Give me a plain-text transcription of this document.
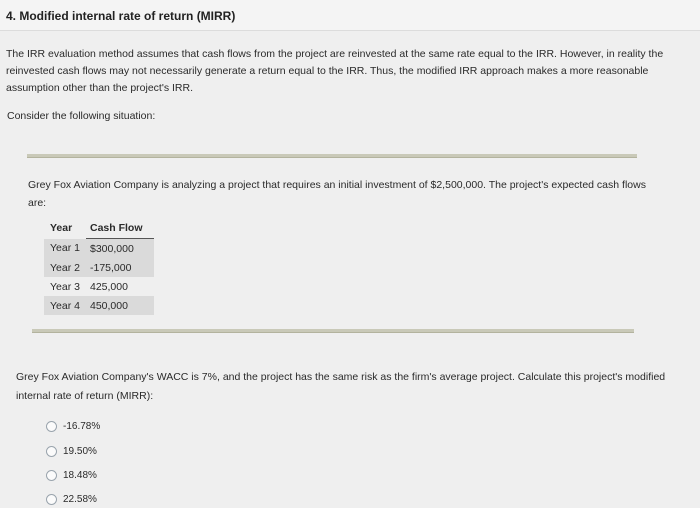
4. Modified internal rate of return (MIRR)
The IRR evaluation method assumes that cash flows from the project are reinvested at the same rate equal to the IRR. However, in reality the reinvested cash flows may not necessarily generate a return equal to the IRR. Thus, the modified IRR approach makes a more reasonable assumption other than the project's IRR.
Consider the following situation:
Grey Fox Aviation Company is analyzing a project that requires an initial investment of $2,500,000. The project's expected cash flows are:
Year	Cash Flow
Year 1	$300,000
Year 2	-175,000
Year 3	425,000
Year 4	450,000
Grey Fox Aviation Company's WACC is 7%, and the project has the same risk as the firm's average project. Calculate this project's modified internal rate of return (MIRR):
-16.78%
19.50%
18.48%
22.58%
